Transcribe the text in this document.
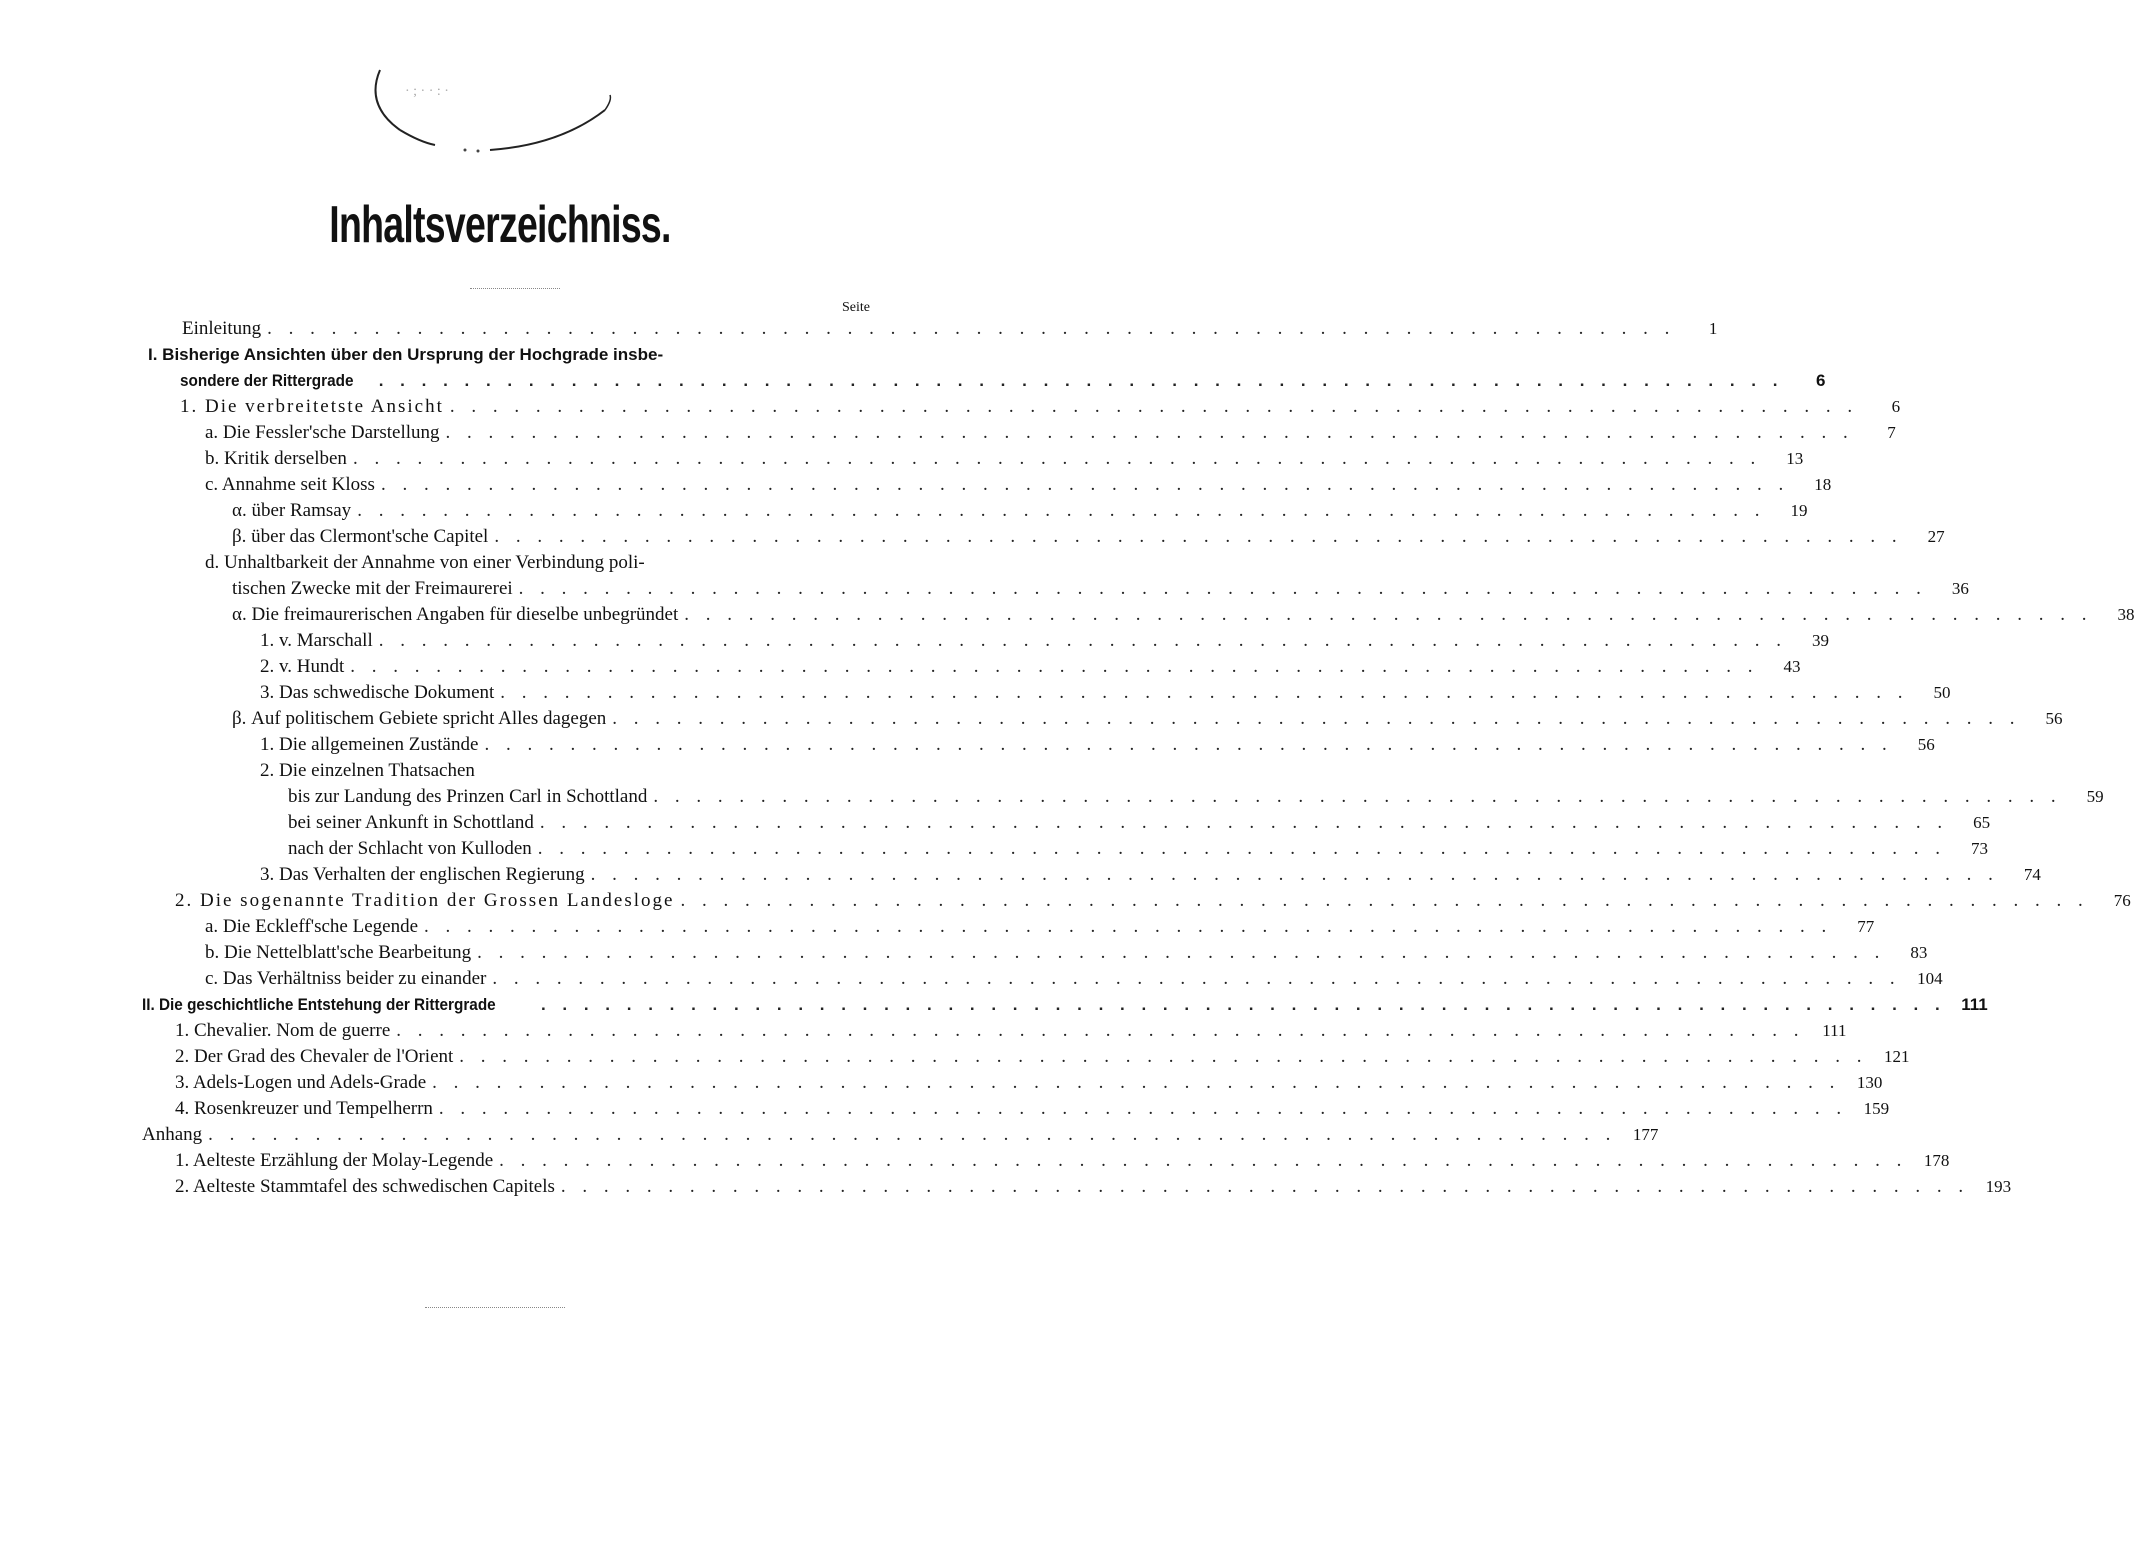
· ; · · : ·
Inhaltsverzeichniss.
Seite
Einleitung . . .	1
I. Bisherige Ansichten über den Ursprung der Hochgrade insbe-
sondere der Rittergrade . . .	6
1. Die verbreitetste Ansicht . . .	6
a. Die Fessler'sche Darstellung . . .	7
b. Kritik derselben . . .	13
c. Annahme seit Kloss . . .	18
α. über Ramsay . . .	19
β. über das Clermont'sche Capitel . . .	27
d. Unhaltbarkeit der Annahme von einer Verbindung poli-
tischen Zwecke mit der Freimaurerei . . .	36
α. Die freimaurerischen Angaben für dieselbe unbegründet . . .	38
1. v. Marschall . . .	39
2. v. Hundt . . .	43
3. Das schwedische Dokument . . .	50
β. Auf politischem Gebiete spricht Alles dagegen . . .	56
1. Die allgemeinen Zustände . . .	56
2. Die einzelnen Thatsachen
bis zur Landung des Prinzen Carl in Schottland . . .	59
bei seiner Ankunft in Schottland . . .	65
nach der Schlacht von Kulloden . . .	73
3. Das Verhalten der englischen Regierung . . .	74
2. Die sogenannte Tradition der Grossen Landesloge . . .	76
a. Die Eckleff'sche Legende . . .	77
b. Die Nettelblatt'sche Bearbeitung . . .	83
c. Das Verhältniss beider zu einander . . .	104
II. Die geschichtliche Entstehung der Rittergrade . . .	111
1. Chevalier. Nom de guerre . . .	111
2. Der Grad des Chevaler de l'Orient . . .	121
3. Adels-Logen und Adels-Grade . . .	130
4. Rosenkreuzer und Tempelherrn . . .	159
Anhang . . .	177
1. Aelteste Erzählung der Molay-Legende . . .	178
2. Aelteste Stammtafel des schwedischen Capitels . . .	193
